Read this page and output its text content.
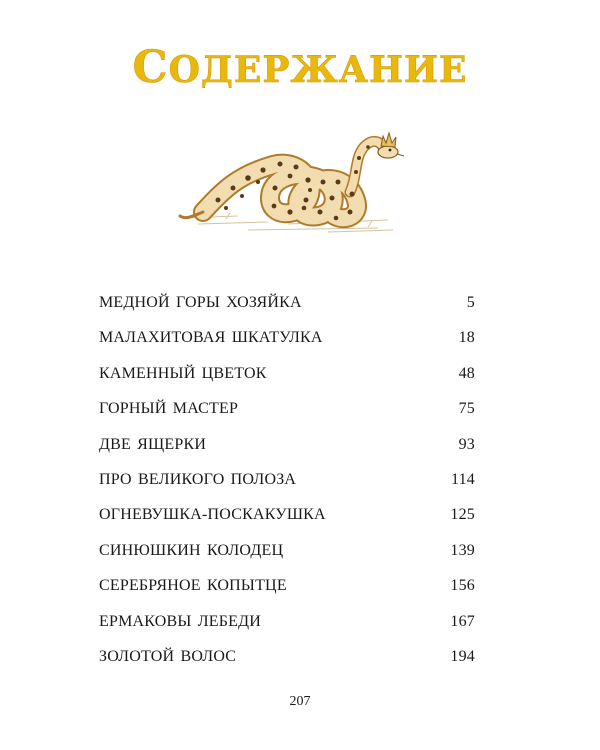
СОДЕРЖАНИЕ
МЕДНОЙ ГОРЫ ХОЗЯЙКА	5
МАЛАХИТОВАЯ ШКАТУЛКА	18
КАМЕННЫЙ ЦВЕТОК	48
ГОРНЫЙ МАСТЕР	75
ДВЕ ЯЩЕРКИ	93
ПРО ВЕЛИКОГО ПОЛОЗА	114
ОГНЕВУШКА-ПОСКАКУШКА	125
СИНЮШКИН КОЛОДЕЦ	139
СЕРЕБРЯНОЕ КОПЫТЦЕ	156
ЕРМАКОВЫ ЛЕБЕДИ	167
ЗОЛОТОЙ ВОЛОС	194
207
